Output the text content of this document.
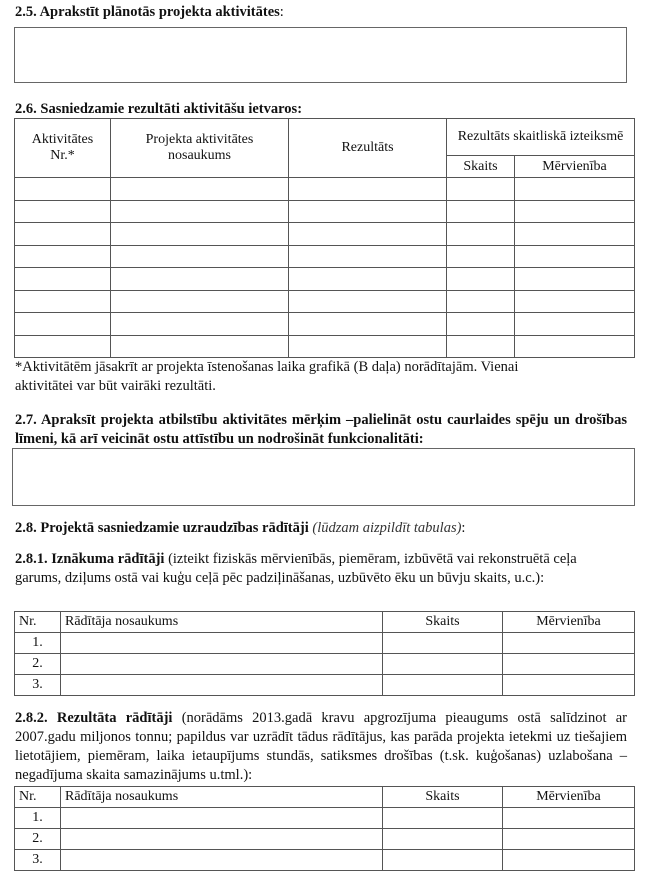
2.5. Aprakstīt plānotās projekta aktivitātes:
2.6. Sasniedzamie rezultāti aktivitāšu ietvaros:
Aktivitātes Nr.*	Projekta aktivitātes nosaukums	Rezultāts	Rezultāts skaitliskā izteiksmē	
			Skaits	Mērvienība

*Aktivitātēm jāsakrīt ar projekta īstenošanas laika grafikā (B daļa) norādītajām. Vienai aktivitātei var būt vairāki rezultāti.
2.7. Apraksīt projekta atbilstību aktivitātes mērķim –palielināt ostu caurlaides spēju un drošības līmeni, kā arī veicināt ostu attīstību un nodrošināt funkcionalitāti:
2.8. Projektā sasniedzamie uzraudzības rādītāji (lūdzam aizpildīt tabulas):
2.8.1. Iznākuma rādītāji (izteikt fiziskās mērvienībās, piemēram, izbūvētā vai rekonstruētā ceļa garums, dziļums ostā vai kuģu ceļā pēc padziļināšanas, uzbūvēto ēku un būvju skaits, u.c.):
Nr.	Rādītāja nosaukums	Skaits	Mērvienība
1.			
2.			
3.			
2.8.2. Rezultāta rādītāji (norādāms 2013.gadā kravu apgrozījuma pieaugums ostā salīdzinot ar 2007.gadu miljonos tonnu; papildus var uzrādīt tādus rādītājus, kas parāda projekta ietekmi uz tiešajiem lietotājiem, piemēram, laika ietaupījums stundās, satiksmes drošības (t.sk. kuģošanas) uzlabošana – negadījuma skaita samazinājums u.tml.):
Nr.	Rādītāja nosaukums	Skaits	Mērvienība
1.			
2.			
3.			
